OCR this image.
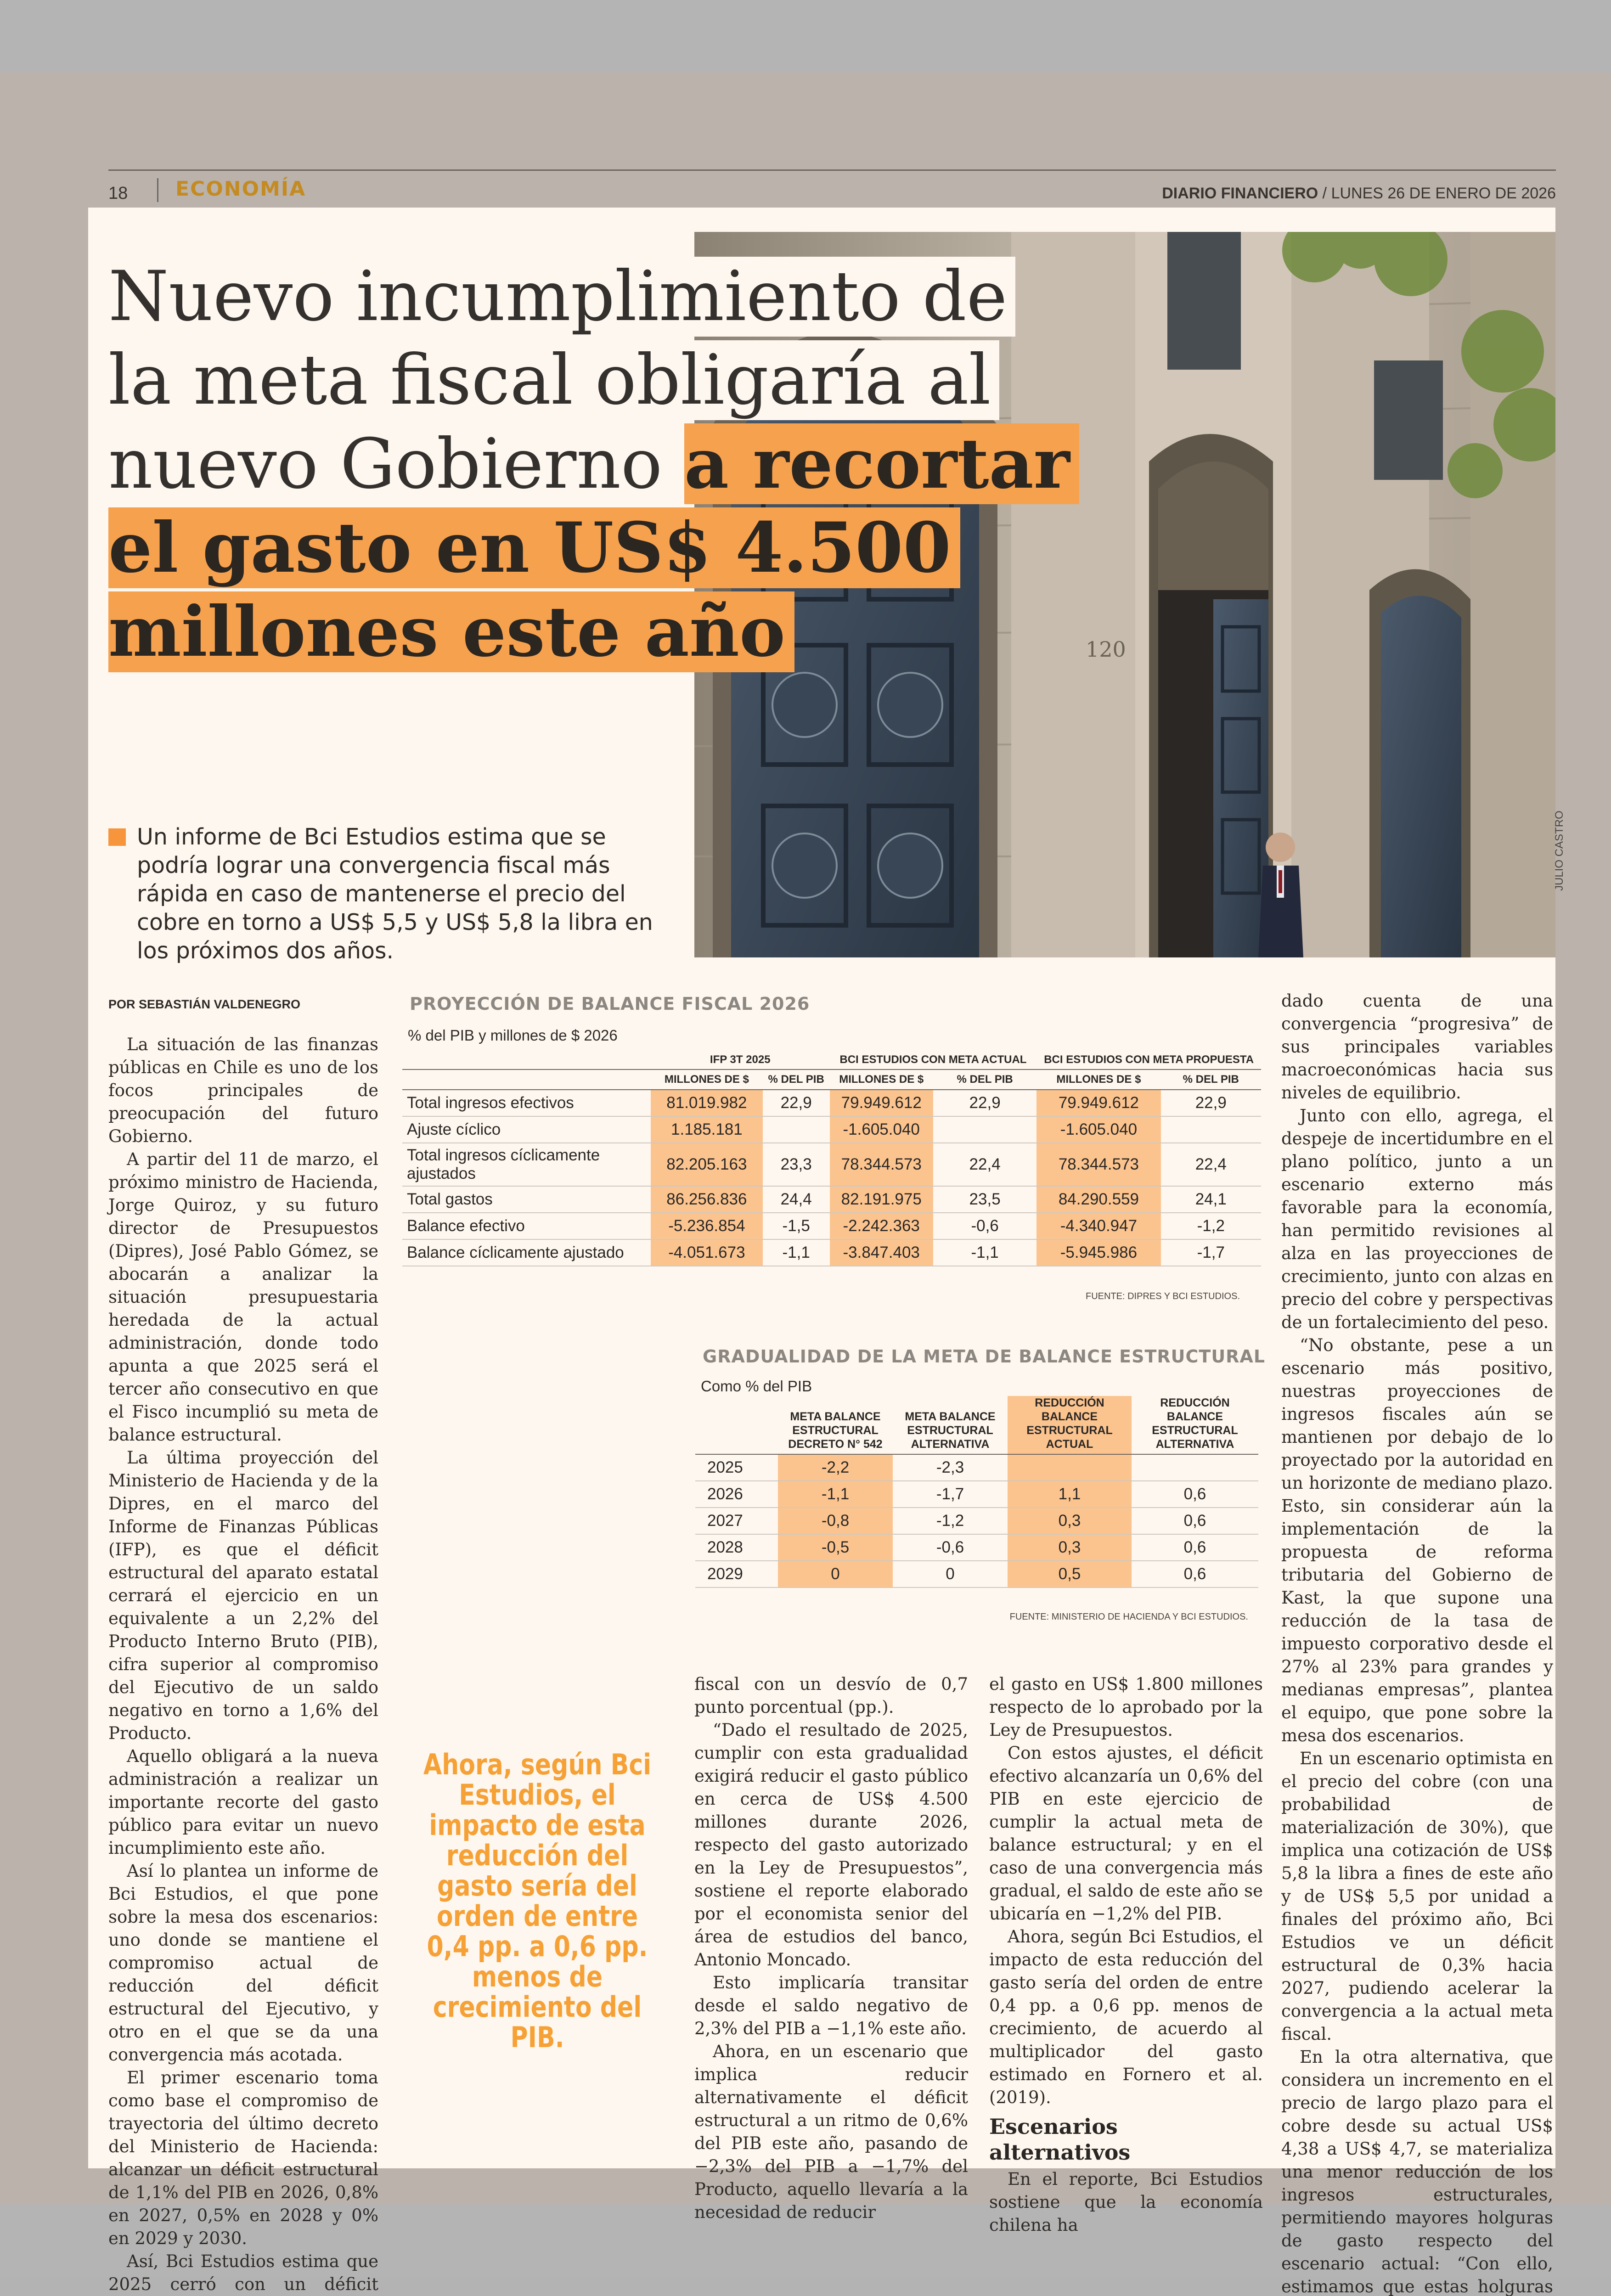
18 ECONOMÍA	DIARIO FINANCIERO / LUNES 26 DE ENERO DE 2026
120
JULIO CASTRO
Nuevo incumplimiento de
la meta fiscal obligaría al
nuevo Gobierno a recortar
el gasto en US$ 4.500
millones este año
Un informe de Bci Estudios estima que se podría lograr una convergencia fiscal más rápida en caso de mantenerse el precio del cobre en torno a US$ 5,5 y US$ 5,8 la libra en los próximos dos años.
POR SEBASTIÁN VALDENEGRO

La situación de las finanzas públicas en Chile es uno de los focos principales de preocupación del futuro Gobierno.

A partir del 11 de marzo, el próximo ministro de Hacienda, Jorge Quiroz, y su futuro director de Presupuestos (Dipres), José Pablo Gómez, se abocarán a analizar la situación presupuestaria heredada de la actual administración, donde todo apunta a que 2025 será el tercer año consecutivo en que el Fisco incumplió su meta de balance estructural.

La última proyección del Ministerio de Hacienda y de la Dipres, en el marco del Informe de Finanzas Públicas (IFP), es que el déficit estructural del aparato estatal cerrará el ejercicio en un equivalente a un 2,2% del Producto Interno Bruto (PIB), cifra superior al compromiso del Ejecutivo de un saldo negativo en torno a 1,6% del Producto.

Aquello obligará a la nueva administración a realizar un importante recorte del gasto público para evitar un nuevo incumplimiento este año.

Así lo plantea un informe de Bci Estudios, el que pone sobre la mesa dos escenarios: uno donde se mantiene el compromiso actual de reducción del déficit estructural del Ejecutivo, y otro en el que se da una convergencia más acotada.

El primer escenario toma como base el compromiso de trayectoria del último decreto del Ministerio de Hacienda: alcanzar un déficit estructural de 1,1% del PIB en 2026, 0,8% en 2027, 0,5% en 2028 y 0% en 2029 y 2030.

Así, Bci Estudios estima que 2025 cerró con un déficit

PROYECCIÓN DE BALANCE FISCAL 2026
% del PIB y millones de $ 2026
	IFP 3T 2025		BCI ESTUDIOS CON META ACTUAL		BCI ESTUDIOS CON META PROPUESTA	
	MILLONES DE $	% DEL PIB	MILLONES DE $	% DEL PIB	MILLONES DE $	% DEL PIB
Total ingresos efectivos	81.019.982	22,9	79.949.612	22,9	79.949.612	22,9
Ajuste cíclico	1.185.181		-1.605.040		-1.605.040	
Total ingresos cíclicamente ajustados	82.205.163	23,3	78.344.573	22,4	78.344.573	22,4
Total gastos	86.256.836	24,4	82.191.975	23,5	84.290.559	24,1
Balance efectivo	-5.236.854	-1,5	-2.242.363	-0,6	-4.340.947	-1,2
Balance cíclicamente ajustado	-4.051.673	-1,1	-3.847.403	-1,1	-5.945.986	-1,7
FUENTE: DIPRES Y BCI ESTUDIOS.
GRADUALIDAD DE LA META DE BALANCE ESTRUCTURAL
Como % del PIB
	META BALANCE ESTRUCTURAL DECRETO N° 542	META BALANCE ESTRUCTURAL ALTERNATIVA	REDUCCIÓN BALANCE ESTRUCTURAL ACTUAL	REDUCCIÓN BALANCE ESTRUCTURAL ALTERNATIVA
2025	-2,2	-2,3		
2026	-1,1	-1,7	1,1	0,6
2027	-0,8	-1,2	0,3	0,6
2028	-0,5	-0,6	0,3	0,6
2029	0	0	0,5	0,6
FUENTE: MINISTERIO DE HACIENDA Y BCI ESTUDIOS.
Ahora, según Bci Estudios, el impacto de esta reducción del gasto sería del orden de entre 0,4 pp. a 0,6 pp. menos de crecimiento del PIB.

fiscal con un desvío de 0,7 punto porcentual (pp.).

“Dado el resultado de 2025, cumplir con esta gradualidad exigirá reducir el gasto público en cerca de US$ 4.500 millones durante 2026, respecto del gasto autorizado en la Ley de Presupuestos”, sostiene el reporte elaborado por el economista senior del área de estudios del banco, Antonio Moncado.

Esto implicaría transitar desde el saldo negativo de 2,3% del PIB a −1,1% este año.

Ahora, en un escenario que implica reducir alternativamente el déficit estructural a un ritmo de 0,6% del PIB este año, pasando de −2,3% del PIB a −1,7% del Producto, aquello llevaría a la necesidad de reducir

el gasto en US$ 1.800 millones respecto de lo aprobado por la Ley de Presupuestos.

Con estos ajustes, el déficit efectivo alcanzaría un 0,6% del PIB en este ejercicio de cumplir la actual meta de balance estructural; y en el caso de una convergencia más gradual, el saldo de este año se ubicaría en −1,2% del PIB.

Ahora, según Bci Estudios, el impacto de esta reducción del gasto sería del orden de entre 0,4 pp. a 0,6 pp. menos de crecimiento, de acuerdo al multiplicador del gasto estimado en Fornero et al. (2019).

Escenarios alternativos

En el reporte, Bci Estudios sostiene que la economía chilena ha

dado cuenta de una convergencia “progresiva” de sus principales variables macroeconómicas hacia sus niveles de equilibrio.

Junto con ello, agrega, el despeje de incertidumbre en el plano político, junto a un escenario externo más favorable para la economía, han permitido revisiones al alza en las proyecciones de crecimiento, junto con alzas en precio del cobre y perspectivas de un fortalecimiento del peso.

“No obstante, pese a un escenario más positivo, nuestras proyecciones de ingresos fiscales aún se mantienen por debajo de lo proyectado por la autoridad en un horizonte de mediano plazo. Esto, sin considerar aún la implementación de la propuesta de reforma tributaria del Gobierno de Kast, la que supone una reducción de la tasa de impuesto corporativo desde el 27% al 23% para grandes y medianas empresas”, plantea el equipo, que pone sobre la mesa dos escenarios.

En un escenario optimista en el precio del cobre (con una probabilidad de materialización de 30%), que implica una cotización de US$ 5,8 la libra a fines de este año y de US$ 5,5 por unidad a finales del próximo año, Bci Estudios ve un déficit estructural de 0,3% hacia 2027, pudiendo acelerar la convergencia a la actual meta fiscal.

En la otra alternativa, que considera un incremento en el precio de largo plazo para el cobre desde su actual US$ 4,38 a US$ 4,7, se materializa una menor reducción de los ingresos estructurales, permitiendo mayores holguras de gasto respecto del escenario actual: “Con ello, estimamos que estas holguras
